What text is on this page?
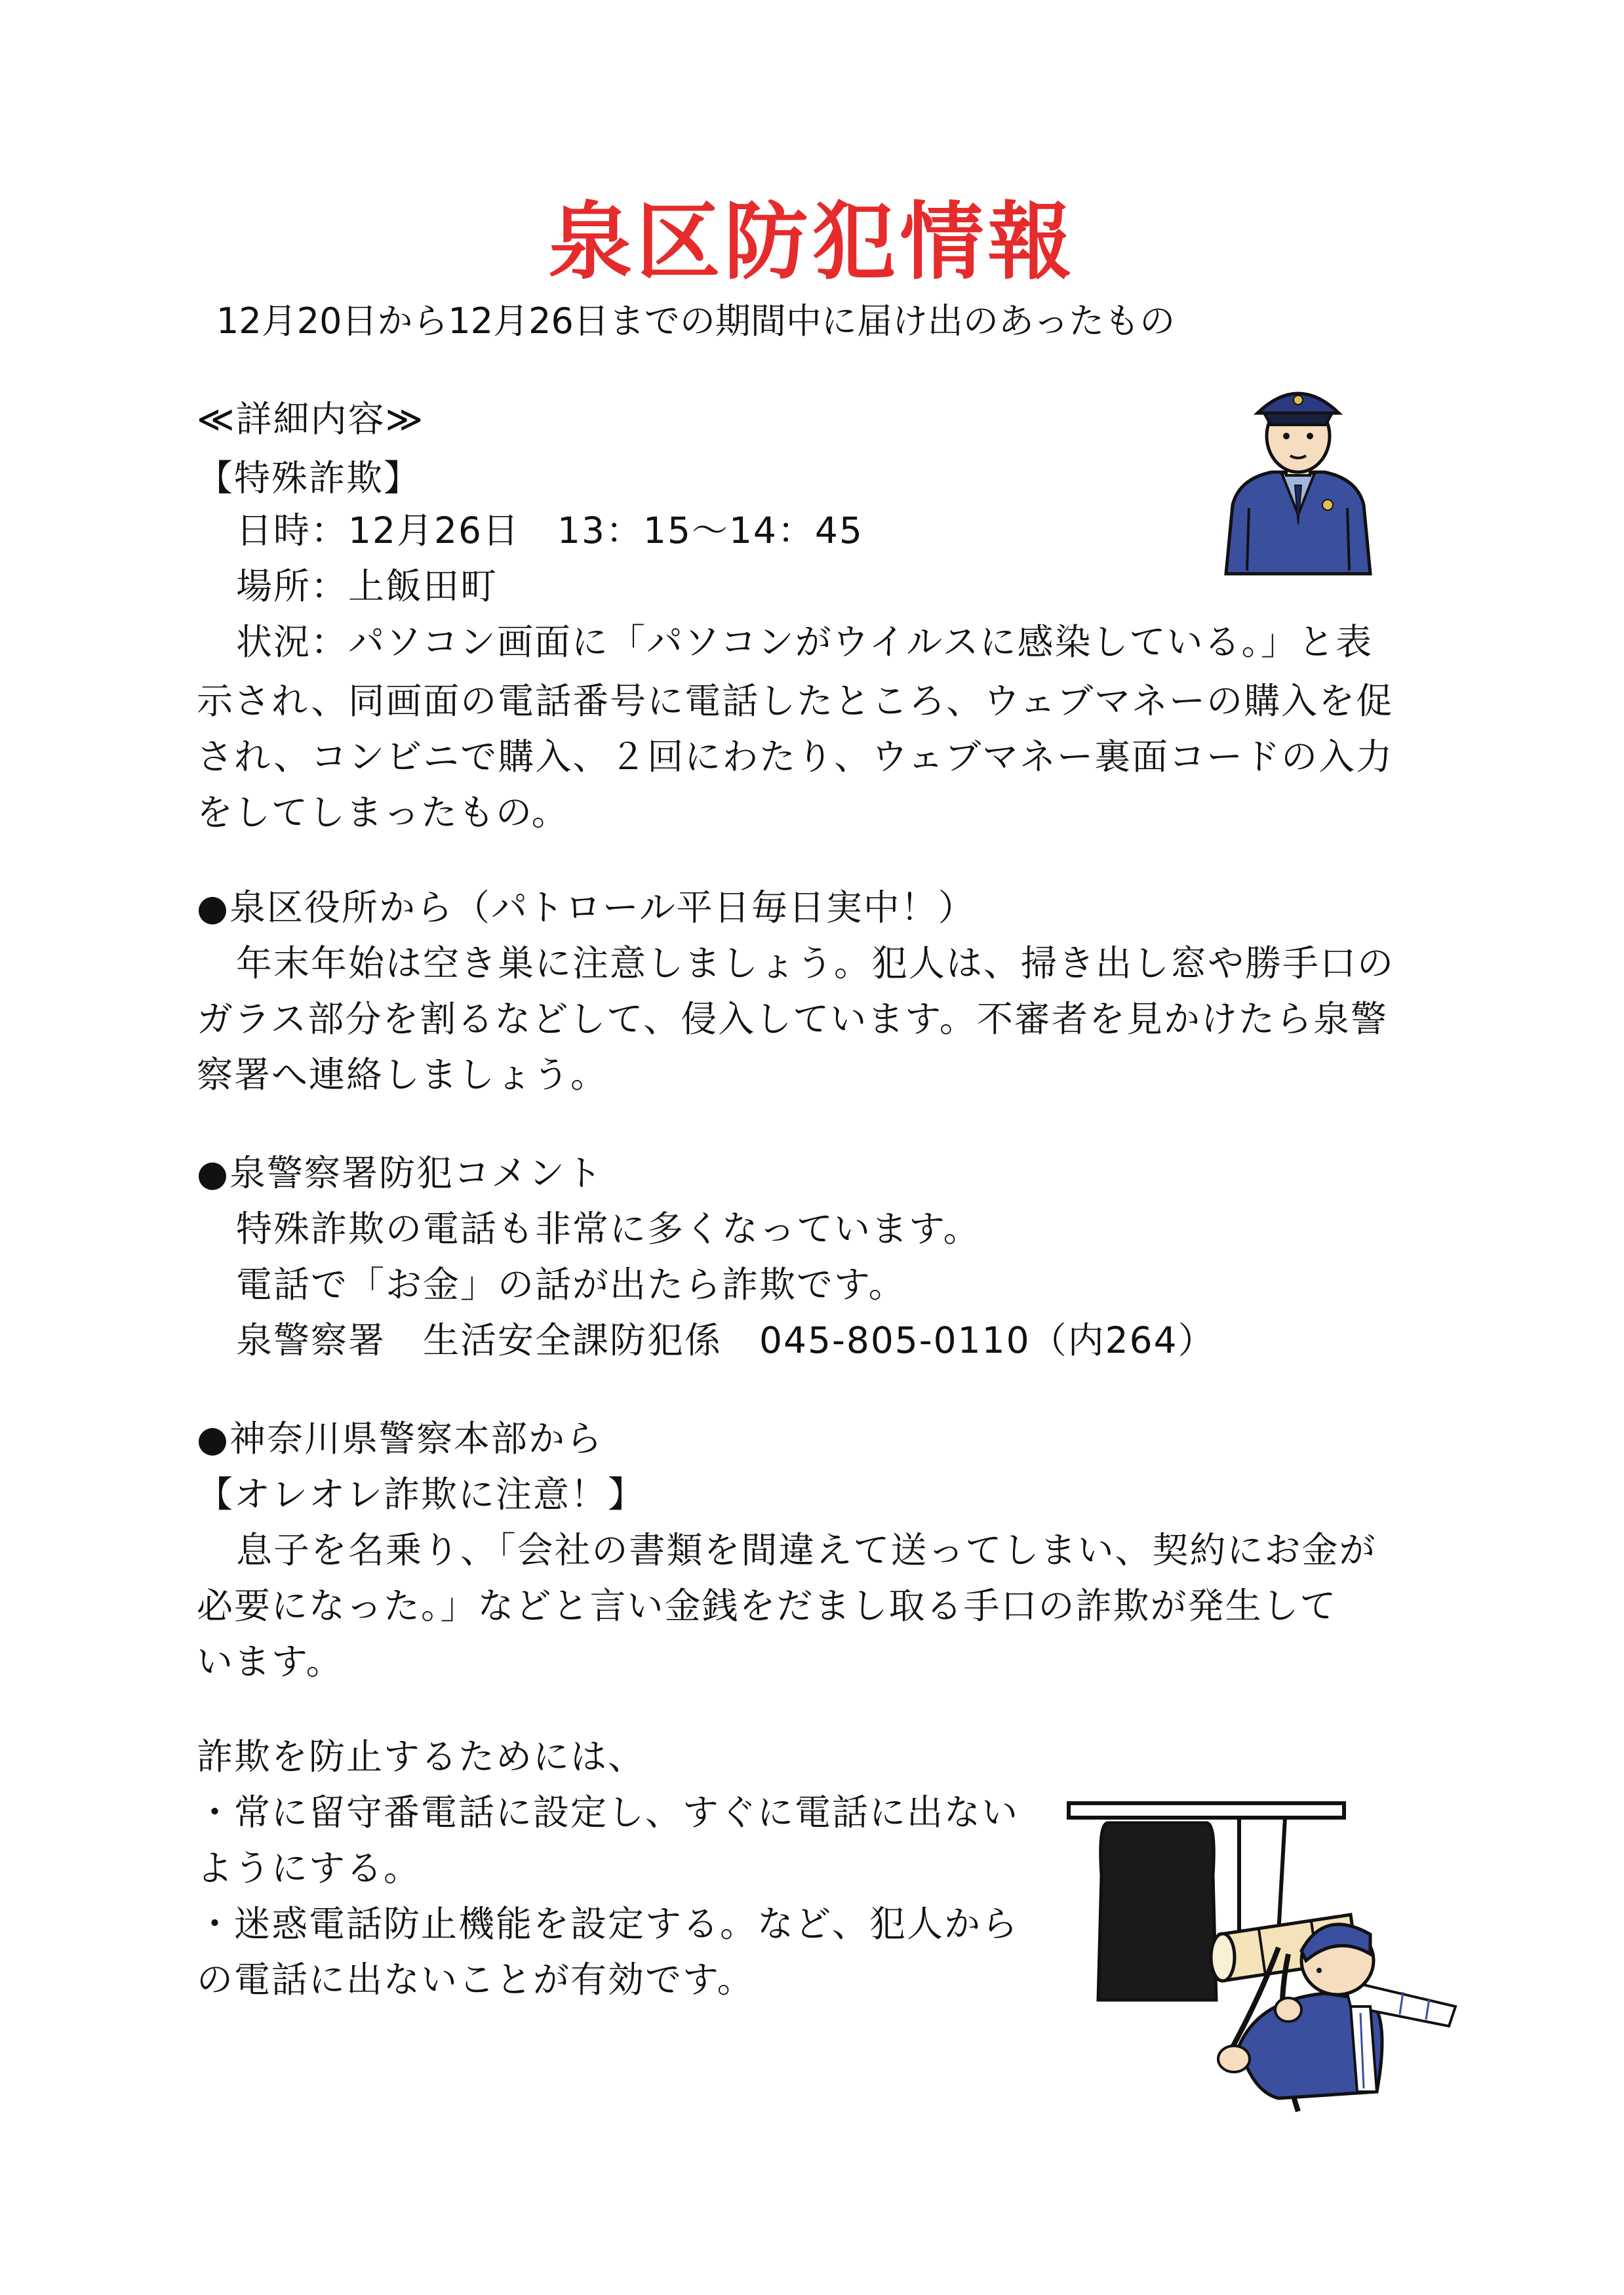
泉区防犯情報
12月20日から12月26日までの期間中に届け出のあったもの
≪詳細内容≫
【特殊詐欺】
日時：12月26日　13：15～14：45
場所：上飯田町
状況：パソコン画面に「パソコンがウイルスに感染している。」と表
示され、同画面の電話番号に電話したところ、ウェブマネーの購入を促
され、コンビニで購入、２回にわたり、ウェブマネー裏面コードの入力
をしてしまったもの。
●泉区役所から（パトロール平日毎日実中！）
年末年始は空き巣に注意しましょう。犯人は、掃き出し窓や勝手口の
ガラス部分を割るなどして、侵入しています。不審者を見かけたら泉警
察署へ連絡しましょう。
●泉警察署防犯コメント
特殊詐欺の電話も非常に多くなっています。
電話で「お金」の話が出たら詐欺です。
泉警察署　生活安全課防犯係　045-805-0110（内264）
●神奈川県警察本部から
【オレオレ詐欺に注意！】
息子を名乗り、「会社の書類を間違えて送ってしまい、契約にお金が
必要になった。」などと言い金銭をだまし取る手口の詐欺が発生して
います。
詐欺を防止するためには、
・常に留守番電話に設定し、すぐに電話に出ない
ようにする。
・迷惑電話防止機能を設定する。など、犯人から
の電話に出ないことが有効です。
